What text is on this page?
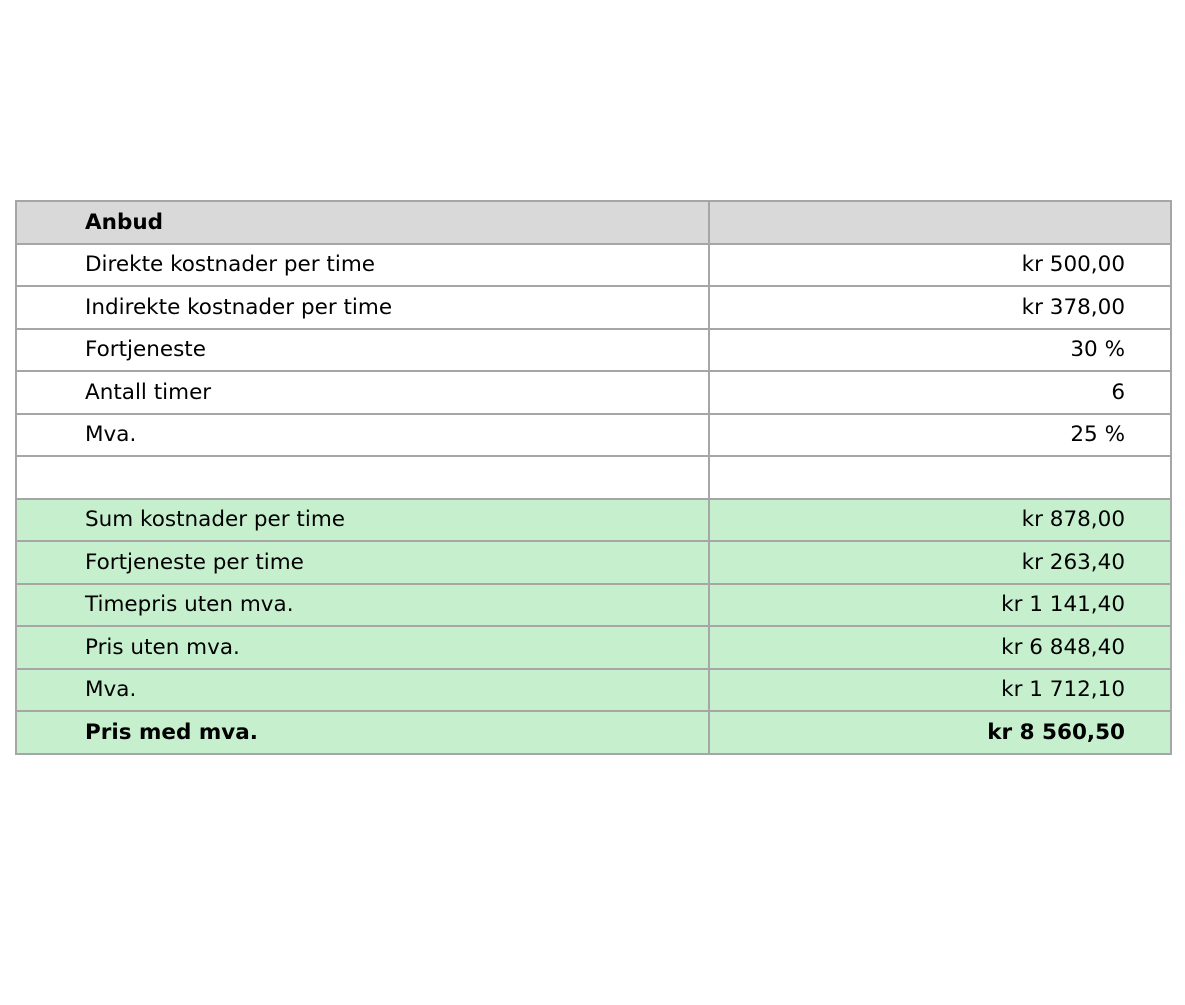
Anbud	
Direkte kostnader per time	kr 500,00
Indirekte kostnader per time	kr 378,00
Fortjeneste	30 %
Antall timer	6
Mva.	25 %

Sum kostnader per time	kr 878,00
Fortjeneste per time	kr 263,40
Timepris uten mva.	kr 1 141,40
Pris uten mva.	kr 6 848,40
Mva.	kr 1 712,10
Pris med mva.	kr 8 560,50
